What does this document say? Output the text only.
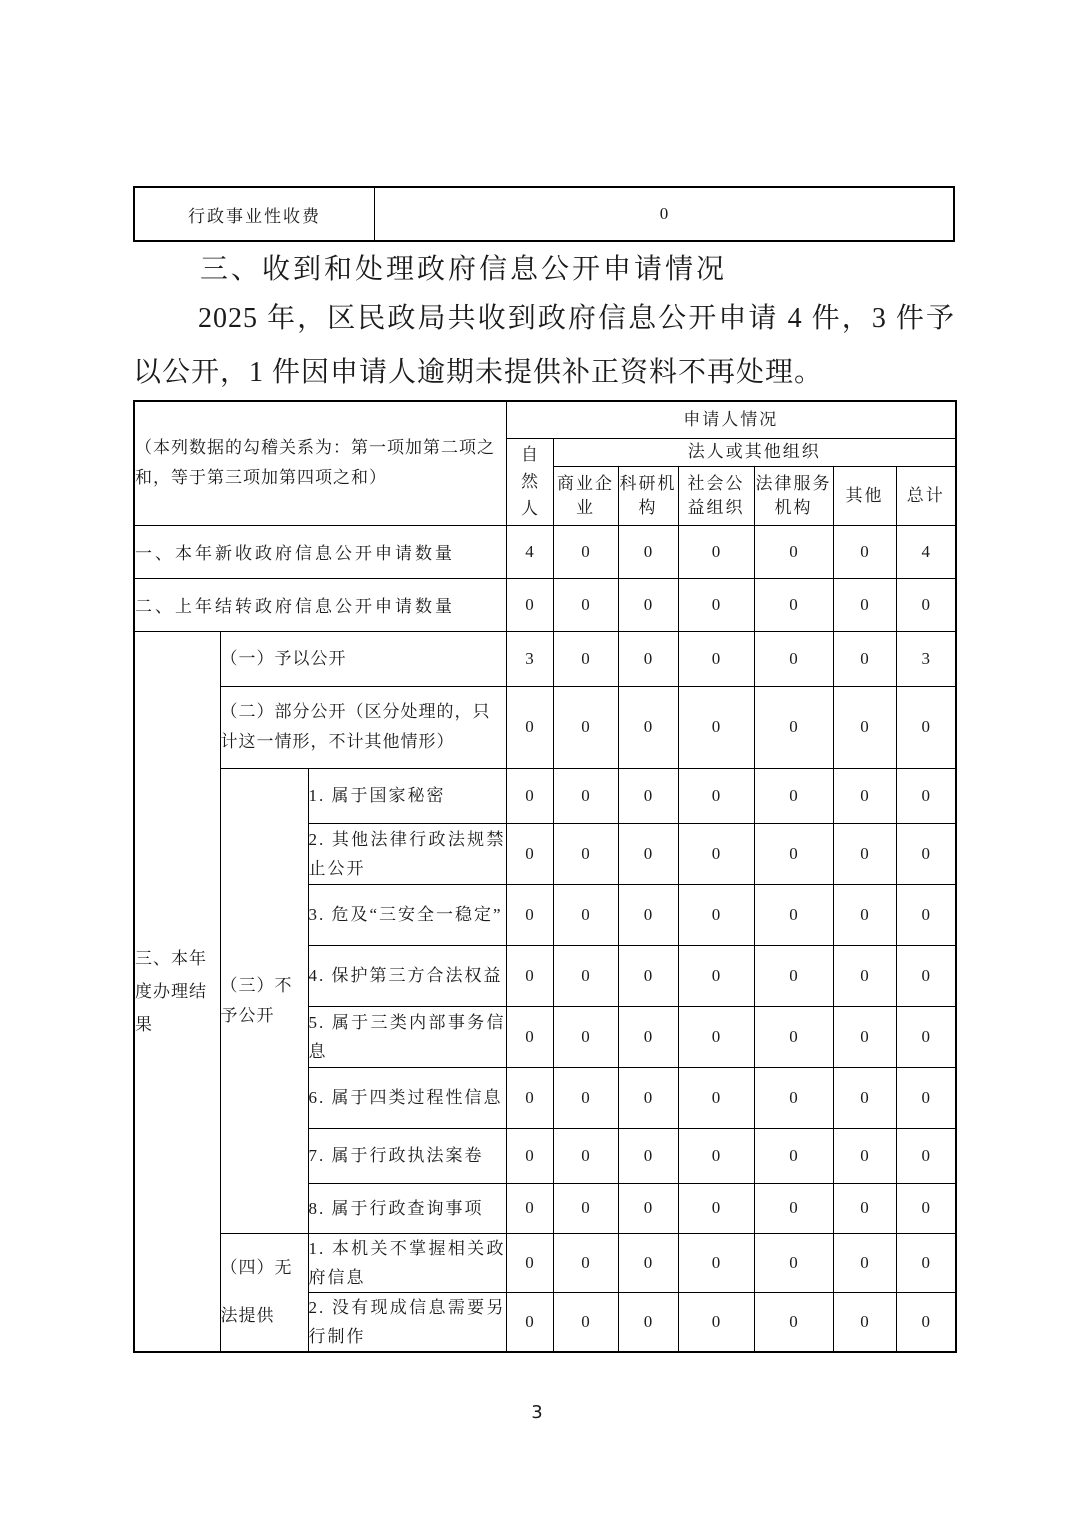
行政事业性收费	0
三、收到和处理政府信息公开申请情况
2025 年，区民政局共收到政府信息公开申请 4 件，3 件予以公开，1 件因申请人逾期未提供补正资料不再处理。
（本列数据的勾稽关系为：第一项加第二项之和，等于第三项加第四项之和）			申请人情况						

			自然人	法人或其他组织					
				商业企业	科研机构	社会公益组织	法律服务机构	其他	总计
一、本年新收政府信息公开申请数量			4	0	0	0	0	0	4
二、上年结转政府信息公开申请数量			0	0	0	0	0	0	0
三、本年度办理结果	（一）予以公开		3	0	0	0	0	0	3
	（二）部分公开（区分处理的，只计这一情形，不计其他情形）		0	0	0	0	0	0	0
	（三）不予公开	1. 属于国家秘密	0	0	0	0	0	0	0
		2. 其他法律行政法规禁止公开	0	0	0	0	0	0	0
		3. 危及“三安全一稳定”	0	0	0	0	0	0	0
		4. 保护第三方合法权益	0	0	0	0	0	0	0
		5. 属于三类内部事务信息	0	0	0	0	0	0	0
		6. 属于四类过程性信息	0	0	0	0	0	0	0
		7. 属于行政执法案卷	0	0	0	0	0	0	0
		8. 属于行政查询事项	0	0	0	0	0	0	0
	（四）无法提供	1. 本机关不掌握相关政府信息	0	0	0	0	0	0	0
		2. 没有现成信息需要另行制作	0	0	0	0	0	0	0
3
